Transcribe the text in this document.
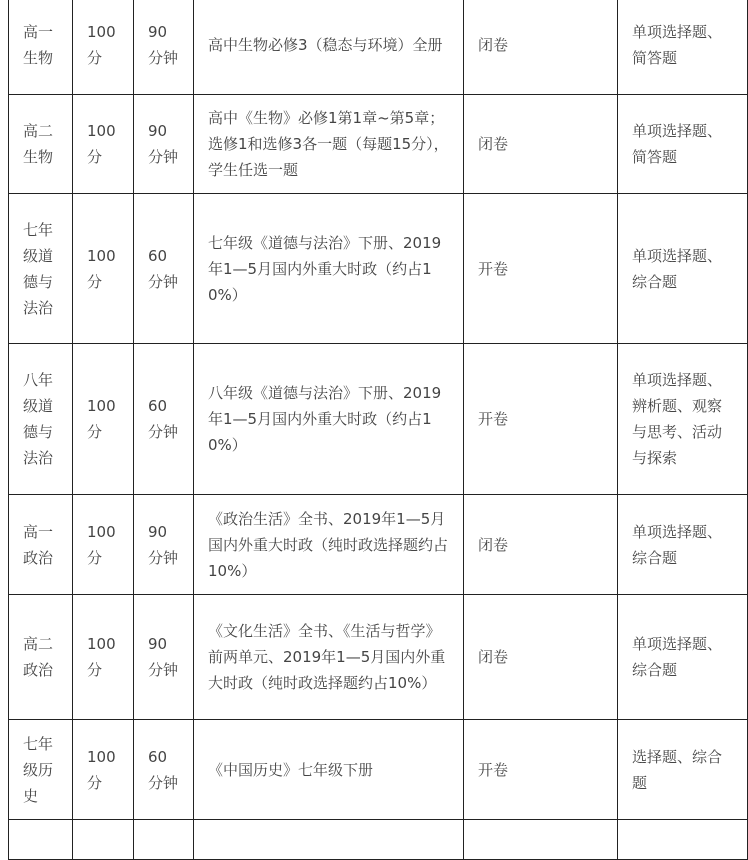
高一生物	100分	90分钟	高中生物必修3（稳态与环境）全册	闭卷	单项选择题、简答题
高二生物	100分	90分钟	高中《生物》必修1第1章~第5章；选修1和选修3各一题（每题15分），学生任选一题	闭卷	单项选择题、简答题
七年级道德与法治	100分	60分钟	七年级《道德与法治》下册、2019年1—5月国内外重大时政（约占10%）	开卷	单项选择题、综合题
八年级道德与法治	100分	60分钟	八年级《道德与法治》下册、2019年1—5月国内外重大时政（约占10%）	开卷	单项选择题、辨析题、观察与思考、活动与探索
高一政治	100分	90分钟	《政治生活》全书、2019年1—5月国内外重大时政（纯时政选择题约占10%）	闭卷	单项选择题、综合题
高二政治	100分	90分钟	《文化生活》全书、《生活与哲学》前两单元、2019年1—5月国内外重大时政（纯时政选择题约占10%）	闭卷	单项选择题、综合题
七年级历史	100分	60分钟	《中国历史》七年级下册	开卷	选择题、综合题
